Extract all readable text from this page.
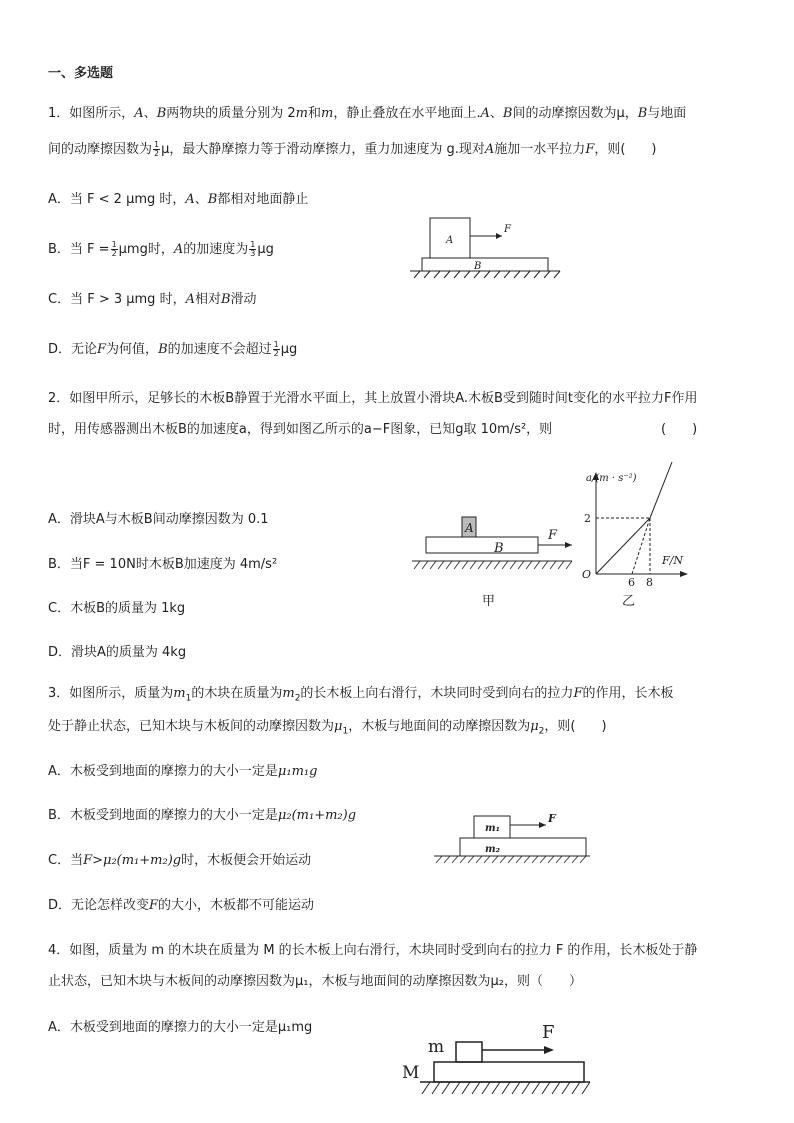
一、多选题
1．如图所示，A、B两物块的质量分别为 2m和m，静止叠放在水平地面上.A、B间的动摩擦因数为μ，B与地面
间的动摩擦因数为 $\frac{1}{2}$ μ，最大静摩擦力等于滑动摩擦力，重力加速度为 g.现对A施加一水平拉力F，则(　　)
A．当 F < 2 μmg 时，A、B都相对地面静止
B．当 $F = \frac{1}{2}$ μmg时，A的加速度为 $\frac{1}{3}$ μg
C．当 F > 3 μmg 时，A相对B滑动
D．无论F为何值，B的加速度不会超过 $\frac{1}{2}$ μg
A
B
F
2．如图甲所示，足够长的木板B静置于光滑水平面上，其上放置小滑块A.木板B受到随时间t变化的水平拉力F作用
时，用传感器测出木板B的加速度a，得到如图乙所示的a−F图象，已知g取 10m/s²，则	(　　)
A．滑块A与木板B间动摩擦因数为 0.1
B．当F = 10N时木板B加速度为 4m/s²
C．木板B的质量为 1kg
D．滑块A的质量为 4kg
A
B
F
甲
a/(m · s⁻²)
F/N
O
2
6 8
乙
3．如图所示，质量为$m_1$的木块在质量为$m_2$的长木板上向右滑行，木块同时受到向右的拉力F的作用，长木板
处于静止状态，已知木块与木板间的动摩擦因数为$\mu_1$，木板与地面间的动摩擦因数为$\mu_2$，则(　　)
A．木板受到地面的摩擦力的大小一定是μ₁m₁g
B．木板受到地面的摩擦力的大小一定是μ₂(m₁+m₂)g
C．当F>μ₂(m₁+m₂)g时，木板便会开始运动
D．无论怎样改变F的大小，木板都不可能运动
m₁
m₂
F
4．如图，质量为 m 的木块在质量为 M 的长木板上向右滑行，木块同时受到向右的拉力 F 的作用，长木板处于静
止状态，已知木块与木板间的动摩擦因数为μ₁，木板与地面间的动摩擦因数为μ₂，则（　　）
A．木板受到地面的摩擦力的大小一定是μ₁mg
m
M
F
